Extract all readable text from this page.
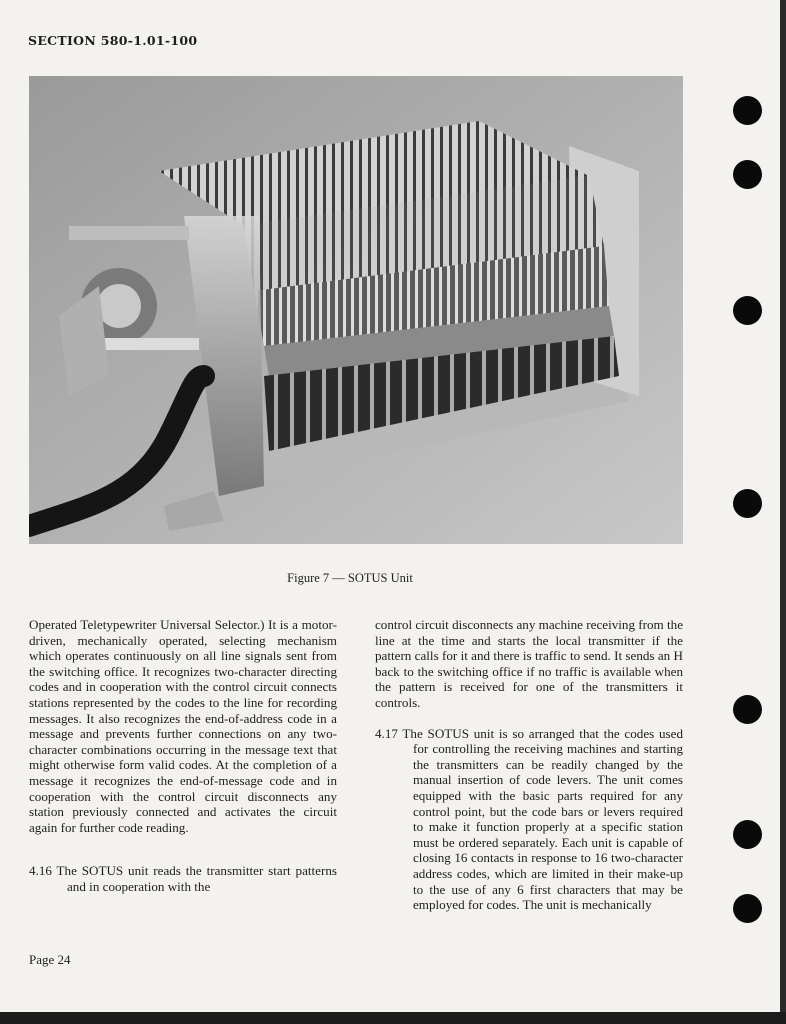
SECTION 580-1.01-100
Figure 7 — SOTUS Unit

Operated Teletypewriter Universal Selector.) It is a motor-driven, mechanically operated, selecting mechanism which operates continuously on all line signals sent from the switching office. It recognizes two-character directing codes and in cooperation with the control circuit connects stations represented by the codes to the line for recording messages. It also recognizes the end-of-address code in a message and prevents further connections on any two-character combinations occurring in the message text that might otherwise form valid codes. At the completion of a message it recognizes the end-of-message code and in cooperation with the control circuit disconnects any station previously connected and activates the circuit again for further code reading.

4.16 The SOTUS unit reads the transmitter start patterns and in cooperation with the

control circuit disconnects any machine receiving from the line at the time and starts the local transmitter if the pattern calls for it and there is traffic to send. It sends an H back to the switching office if no traffic is available when the pattern is received for one of the transmitters it controls.

4.17 The SOTUS unit is so arranged that the codes used for controlling the receiving machines and starting the transmitters can be readily changed by the manual insertion of code levers. The unit comes equipped with the basic parts required for any control point, but the code bars or levers required to make it function properly at a specific station must be ordered separately. Each unit is capable of closing 16 contacts in response to 16 two-character address codes, which are limited in their make-up to the use of any 6 first characters that may be employed for codes. The unit is mechanically

Page 24
